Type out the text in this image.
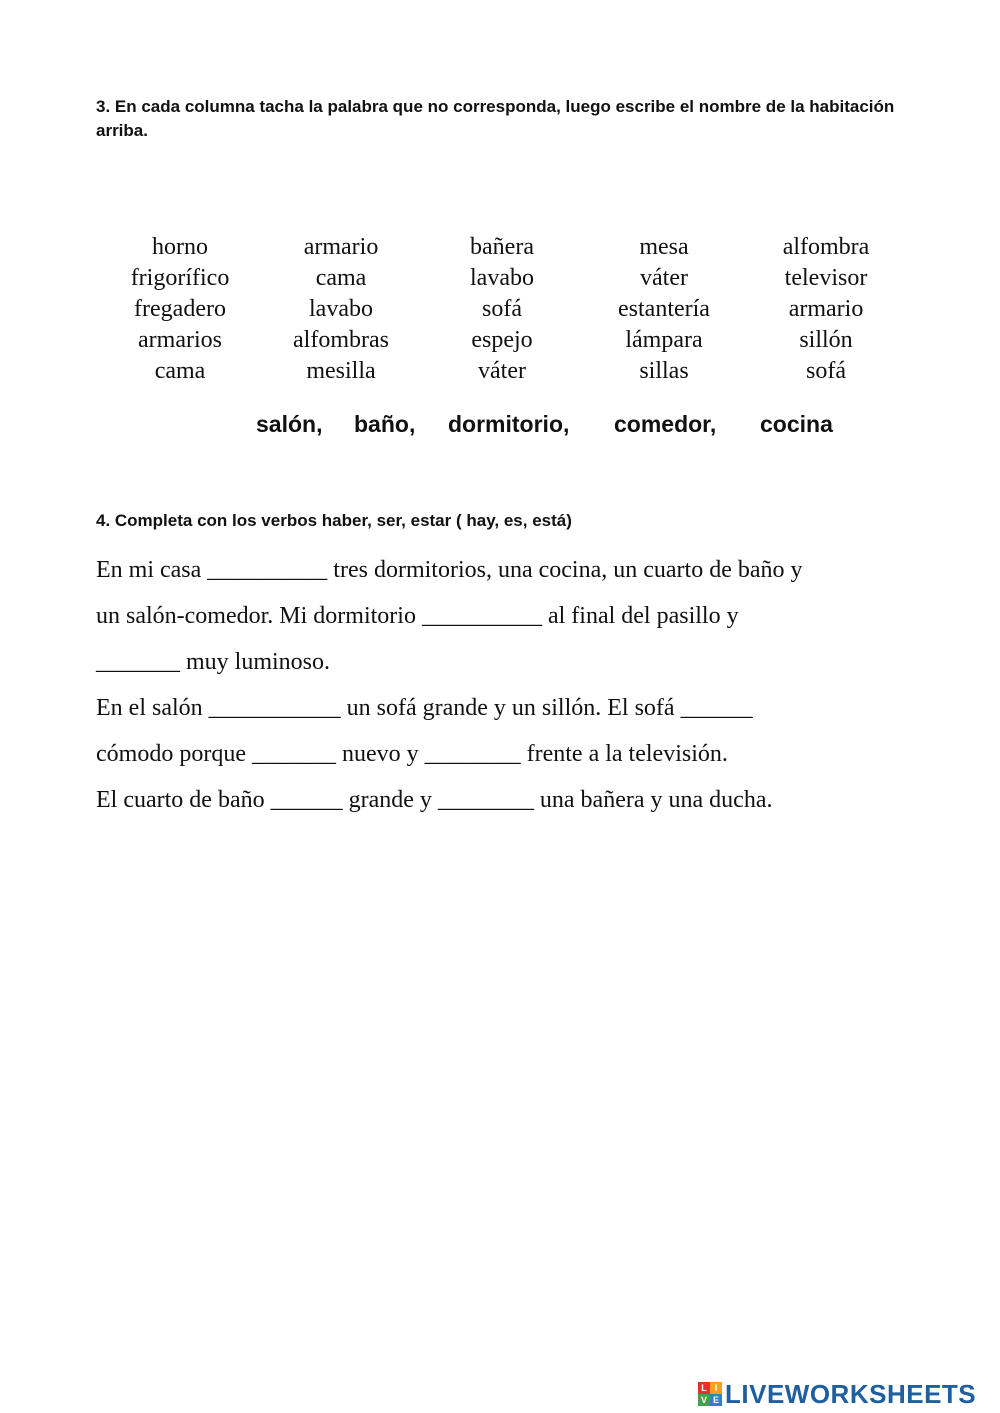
3. En cada columna tacha la palabra que no corresponda, luego escribe el nombre de la habitación arriba.

horno
frigorífico
fregadero
armarios
cama
armario
cama
lavabo
alfombras
mesilla
bañera
lavabo
sofá
espejo
váter
mesa
váter
estantería
lámpara
sillas
alfombra
televisor
armario
sillón
sofá
salón, baño, dormitorio, comedor, cocina

4. Completa con los verbos haber, ser, estar ( hay, es, está)

En mi casa __________ tres dormitorios, una cocina, un cuarto de baño y
un salón-comedor. Mi dormitorio __________ al final del pasillo y
_______ muy luminoso.
En el salón ___________ un sofá grande y un sillón. El sofá ______
cómodo porque _______ nuevo y ________ frente a la televisión.
El cuarto de baño ______ grande y ________ una bañera y una ducha.
L I
V E LIVEWORKSHEETS
